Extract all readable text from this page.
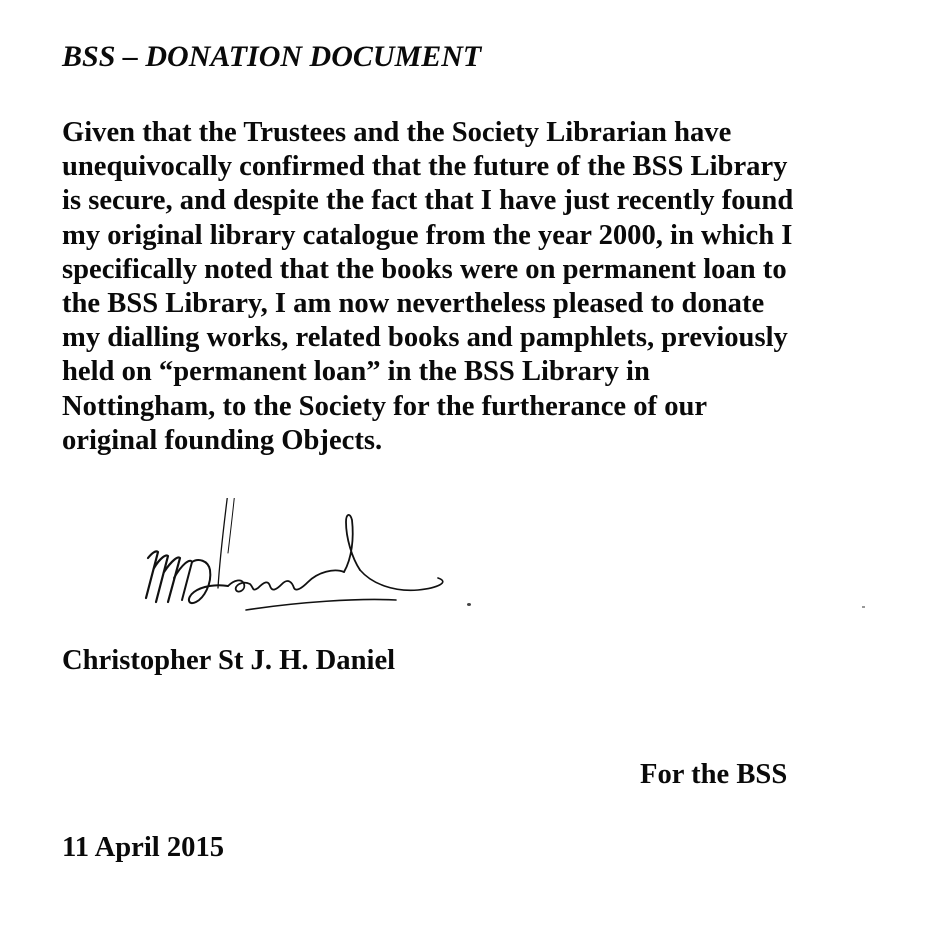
BSS – DONATION DOCUMENT

Given that the Trustees and the Society Librarian have
unequivocally confirmed that the future of the BSS Library
is secure, and despite the fact that I have just recently found
my original library catalogue from the year 2000, in which I
specifically noted that the books were on permanent loan to
the BSS Library, I am now nevertheless pleased to donate
my dialling works, related books and pamphlets, previously
held on “permanent loan” in the BSS Library in
Nottingham, to the Society for the furtherance of our
original founding Objects.

Christopher St J. H. Daniel

For the BSS

11 April 2015
